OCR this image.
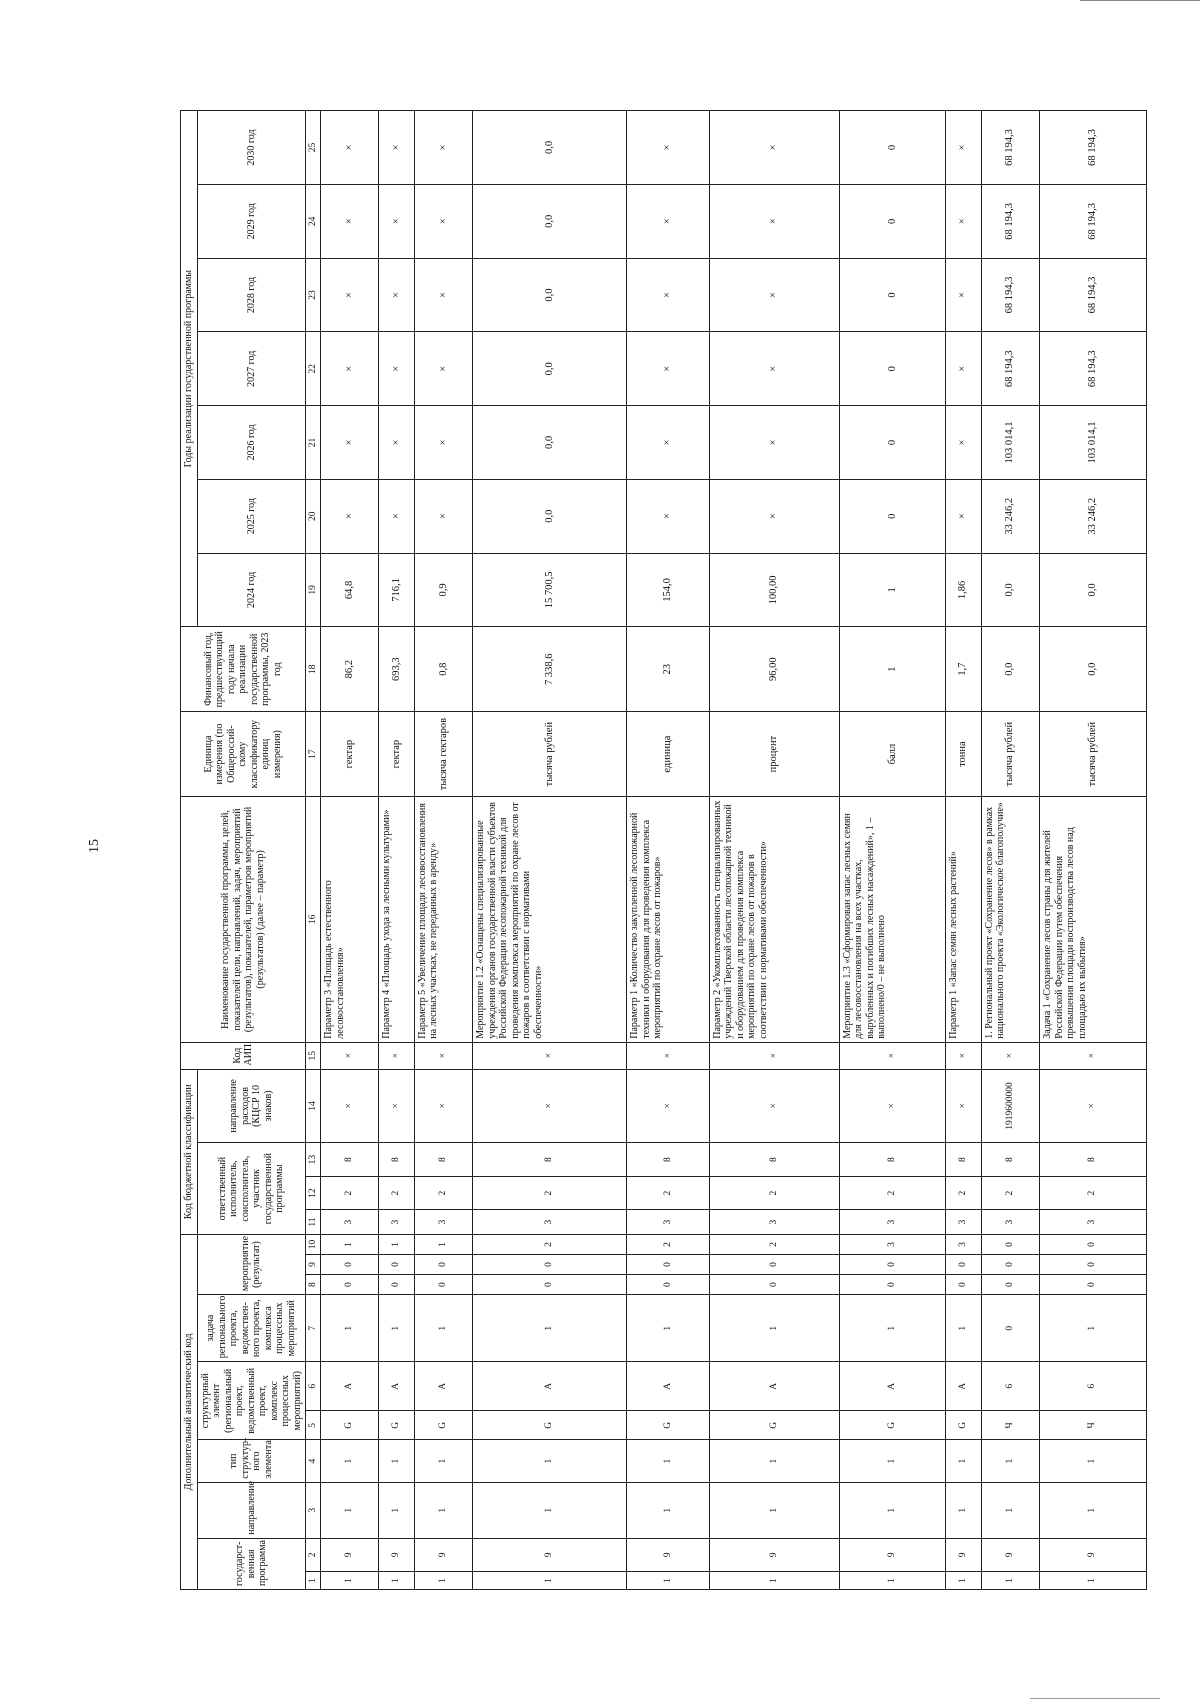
15
Дополнительный аналитический код										Код бюджетной классификации				Код АИП	Наименование государственной программы, целей, показателей цели, направлений, задач, мероприятий (результатов), показателей, параметров мероприятий (результатов) (далее – параметр)	Единица измерения (по Общероссий-скому классификатору единиц измерения)	Финансовый год, предшествующий году начала реализации государственной программы, 2023 год	Годы реализации государственной программы						
государст-венная программа		направление	тип структур-ного элемента	структурный элемент (региональный проект, ведомственный проект, комплекс процессных мероприятий)		задача регионального проекта, ведомствен-ного проекта, комплекса процессных мероприятий	мероприятие (результат)			ответственный исполнитель, соисполнитель, участник государственной программы			направление расходов (КЦСР 10 знаков)					2024 год	2025 год	2026 год	2027 год	2028 год	2029 год	2030 год

1	2	3	4	5	6	7	8	9	10	11	12	13	14	15	16	17	18	19	20	21	22	23	24	25
1	9	1	1	G	A	1	0	0	1	3	2	8	×	×	Параметр 3 «Площадь естественного лесовосстановления»	гектар	86,2	64,8	×	×	×	×	×	×
1	9	1	1	G	A	1	0	0	1	3	2	8	×	×	Параметр 4 «Площадь ухода за лесными культурами»	гектар	693,3	716,1	×	×	×	×	×	×
1	9	1	1	G	A	1	0	0	1	3	2	8	×	×	Параметр 5 «Увеличение площади лесовосстановления на лесных участках, не переданных в аренду»	тысяча гектаров	0,8	0,9	×	×	×	×	×	×
1	9	1	1	G	A	1	0	0	2	3	2	8	×	×	Мероприятие 1.2 «Оснащены специализированные учреждения органов государственной власти субъектов Российской Федерации лесопожарной техникой для проведения комплекса мероприятий по охране лесов от пожаров в соответствии с нормативами обеспеченности»	тысяча рублей	7 338,6	15 700,5	0,0	0,0	0,0	0,0	0,0	0,0
1	9	1	1	G	A	1	0	0	2	3	2	8	×	×	Параметр 1 «Количество закупленной лесопожарной техники и оборудования для проведения комплекса мероприятий по охране лесов от пожаров»	единица	23	154,0	×	×	×	×	×	×
1	9	1	1	G	A	1	0	0	2	3	2	8	×	×	Параметр 2 «Укомплектованность специализированных учреждений Тверской области лесопожарной техникой и оборудованием для проведения комплекса мероприятий по охране лесов от пожаров в соответствии с нормативами обеспеченности»	процент	96,00	100,00	×	×	×	×	×	×
1	9	1	1	G	A	1	0	0	3	3	2	8	×	×	Мероприятие 1.3 «Сформирован запас лесных семян для лесовосстановления на всех участках, вырубленных и погибших лесных насаждений», 1 – выполнено/0 – не выполнено	балл	1	1	0	0	0	0	0	0
1	9	1	1	G	A	1	0	0	3	3	2	8	×	×	Параметр 1 «Запас семян лесных растений»	тонна	1,7	1,86	×	×	×	×	×	×
1	9	1	1	Ч	6	0	0	0	0	3	2	8	1919600000	×	1. Региональный проект «Сохранение лесов» в рамках национального проекта «Экологическое благополучие»	тысяча рублей	0,0	0,0	33 246,2	103 014,1	68 194,3	68 194,3	68 194,3	68 194,3
1	9	1	1	Ч	6	1	0	0	0	3	2	8	×	×	Задача 1 «Сохранение лесов страны для жителей Российской Федерации путем обеспечения превышения площади воспроизводства лесов над площадью их выбытия»	тысяча рублей	0,0	0,0	33 246,2	103 014,1	68 194,3	68 194,3	68 194,3	68 194,3
